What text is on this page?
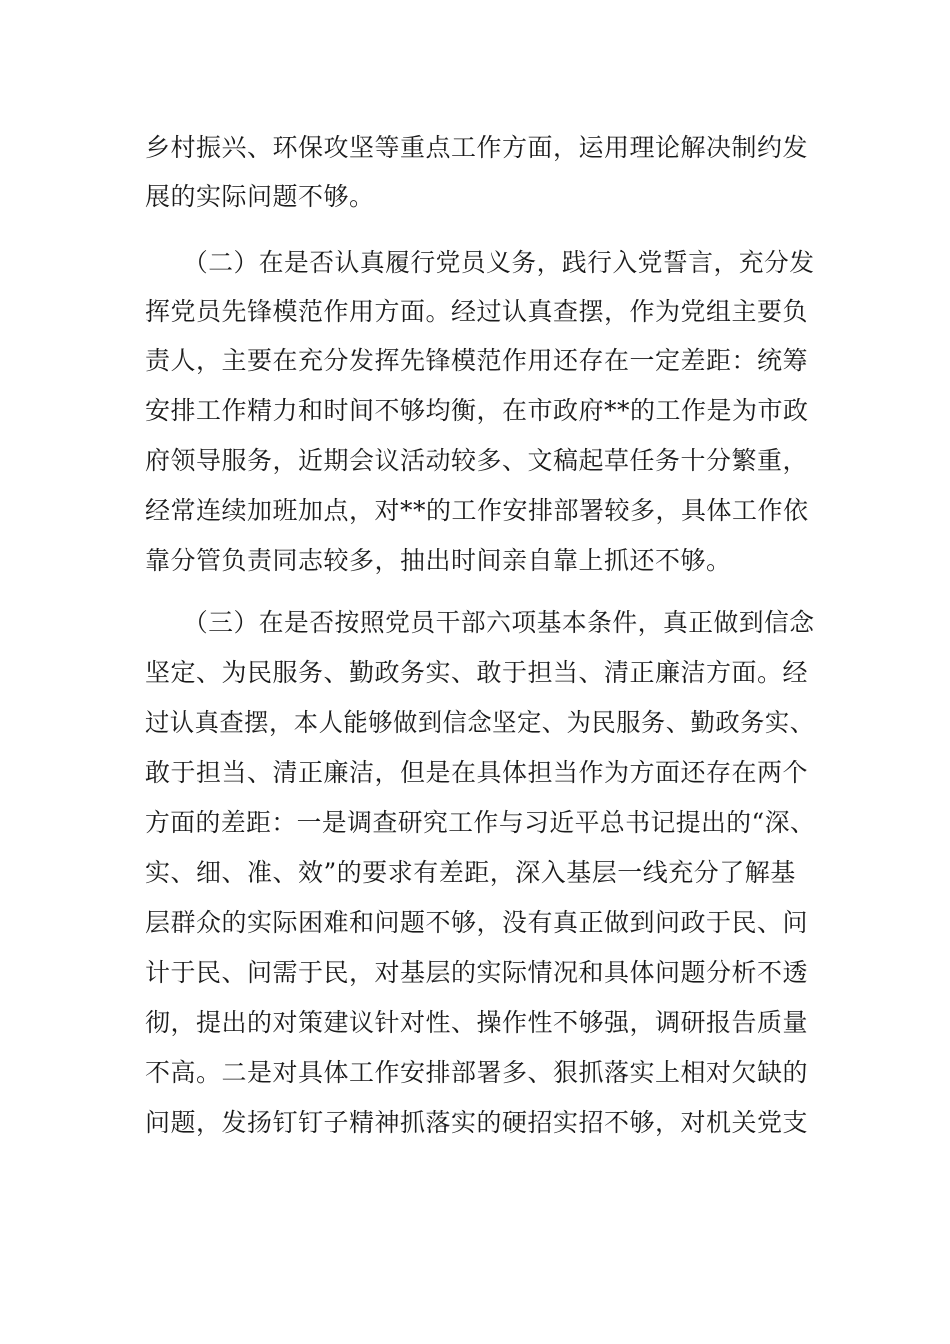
乡村振兴、环保攻坚等重点工作方面，运用理论解决制约发
展的实际问题不够。
（二）在是否认真履行党员义务，践行入党誓言，充分发
挥党员先锋模范作用方面。经过认真查摆，作为党组主要负
责人，主要在充分发挥先锋模范作用还存在一定差距：统筹
安排工作精力和时间不够均衡，在市政府**的工作是为市政
府领导服务，近期会议活动较多、文稿起草任务十分繁重，
经常连续加班加点，对**的工作安排部署较多，具体工作依
靠分管负责同志较多，抽出时间亲自靠上抓还不够。
（三）在是否按照党员干部六项基本条件，真正做到信念
坚定、为民服务、勤政务实、敢于担当、清正廉洁方面。经
过认真查摆，本人能够做到信念坚定、为民服务、勤政务实、
敢于担当、清正廉洁，但是在具体担当作为方面还存在两个
方面的差距：一是调查研究工作与习近平总书记提出的“深、
实、细、准、效”的要求有差距，深入基层一线充分了解基
层群众的实际困难和问题不够，没有真正做到问政于民、问
计于民、问需于民，对基层的实际情况和具体问题分析不透
彻，提出的对策建议针对性、操作性不够强，调研报告质量
不高。二是对具体工作安排部署多、狠抓落实上相对欠缺的
问题，发扬钉钉子精神抓落实的硬招实招不够，对机关党支
